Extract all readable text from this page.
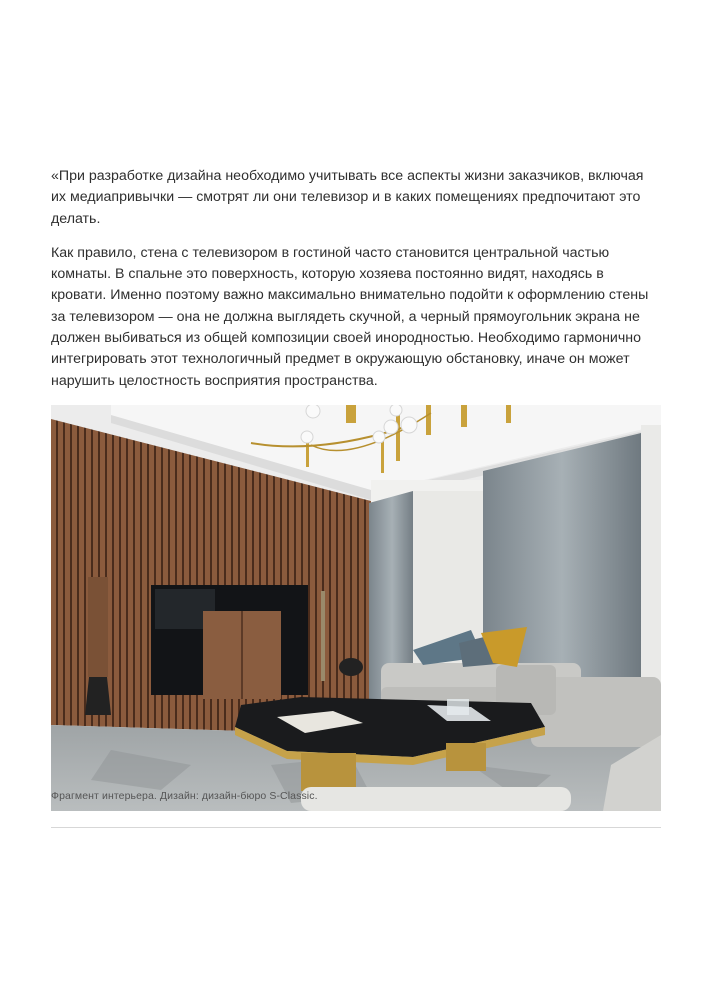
«При разработке дизайна необходимо учитывать все аспекты жизни заказчиков, включая их медиапривычки — смотрят ли они телевизор и в каких помещениях предпочитают это делать.

Как правило, стена с телевизором в гостиной часто становится центральной частью комнаты. В спальне это поверхность, которую хозяева постоянно видят, находясь в кровати. Именно поэтому важно максимально внимательно подойти к оформлению стены за телевизором — она не должна выглядеть скучной, а черный прямоугольник экрана не должен выбиваться из общей композиции своей инородностью. Необходимо гармонично интегрировать этот технологичный предмет в окружающую обстановку, иначе он может нарушить целостность восприятия пространства.

Фрагмент интерьера. Дизайн: дизайн-бюро S-Classic.
